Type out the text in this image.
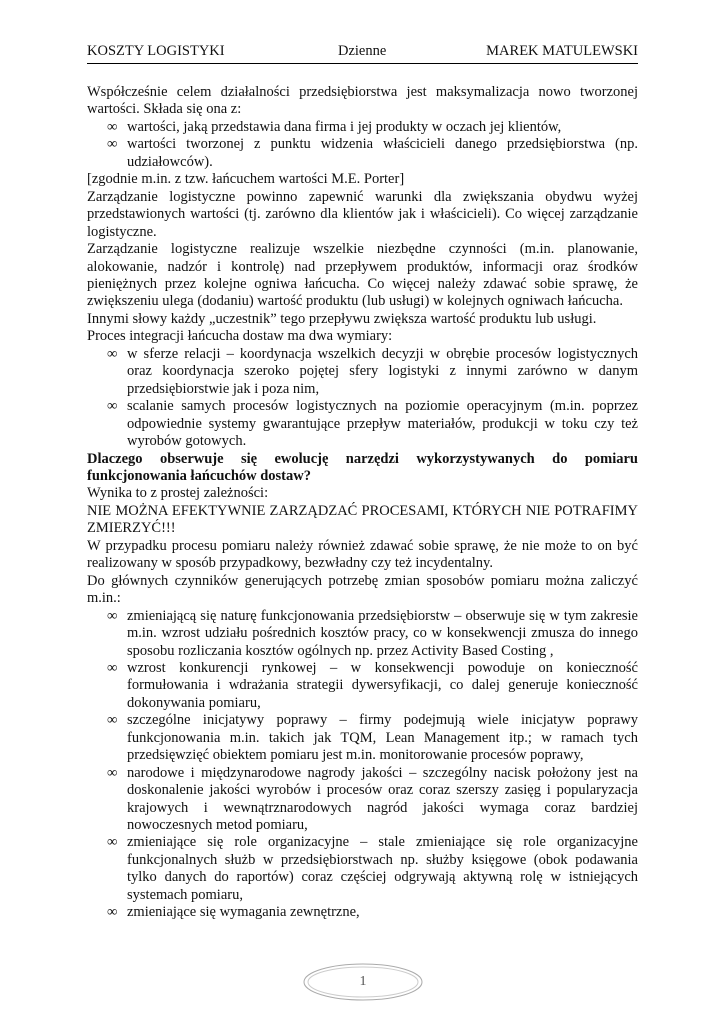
KOSZTY LOGISTYKI	Dzienne	MAREK MATULEWSKI

Współcześnie celem działalności przedsiębiorstwa jest maksymalizacja nowo tworzonej wartości. Składa się ona z:

∞ wartości, jaką przedstawia dana firma i jej produkty w oczach jej klientów,
∞ wartości tworzonej z punktu widzenia właścicieli danego przedsiębiorstwa (np. udziałowców).

[zgodnie m.in. z tzw. łańcuchem wartości M.E. Porter]

Zarządzanie logistyczne powinno zapewnić warunki dla zwiększania obydwu wyżej przedstawionych wartości (tj. zarówno dla klientów jak i właścicieli). Co więcej zarządzanie logistyczne.

Zarządzanie logistyczne realizuje wszelkie niezbędne czynności (m.in. planowanie, alokowanie, nadzór i kontrolę) nad przepływem produktów, informacji oraz środków pieniężnych przez kolejne ogniwa łańcucha. Co więcej należy zdawać sobie sprawę, że zwiększeniu ulega (dodaniu) wartość produktu (lub usługi) w kolejnych ogniwach łańcucha.

Innymi słowy każdy „uczestnik” tego przepływu zwiększa wartość produktu lub usługi.

Proces integracji łańcucha dostaw ma dwa wymiary:

∞ w sferze relacji – koordynacja wszelkich decyzji w obrębie procesów logistycznych oraz koordynacja szeroko pojętej sfery logistyki z innymi zarówno w danym przedsiębiorstwie jak i poza nim,
∞ scalanie samych procesów logistycznych na poziomie operacyjnym (m.in. poprzez odpowiednie systemy gwarantujące przepływ materiałów, produkcji w toku czy też wyrobów gotowych.

Dlaczego obserwuje się ewolucję narzędzi wykorzystywanych do pomiaru funkcjonowania łańcuchów dostaw?

Wynika to z prostej zależności:

NIE MOŻNA EFEKTYWNIE ZARZĄDZAĆ PROCESAMI, KTÓRYCH NIE POTRAFIMY ZMIERZYĆ!!!

W przypadku procesu pomiaru należy również zdawać sobie sprawę, że nie może to on być realizowany w sposób przypadkowy, bezwładny czy też incydentalny.

Do głównych czynników generujących potrzebę zmian sposobów pomiaru można zaliczyć m.in.:

∞ zmieniającą się naturę funkcjonowania przedsiębiorstw – obserwuje się w tym zakresie m.in. wzrost udziału pośrednich kosztów pracy, co w konsekwencji zmusza do innego sposobu rozliczania kosztów ogólnych np. przez Activity Based Costing ,
∞ wzrost konkurencji rynkowej – w konsekwencji powoduje on konieczność formułowania i wdrażania strategii dywersyfikacji, co dalej generuje konieczność dokonywania pomiaru,
∞ szczególne inicjatywy poprawy – firmy podejmują wiele inicjatyw poprawy funkcjonowania m.in. takich jak TQM, Lean Management itp.; w ramach tych przedsięwzięć obiektem pomiaru jest m.in. monitorowanie procesów poprawy,
∞ narodowe i międzynarodowe nagrody jakości – szczególny nacisk położony jest na doskonalenie jakości wyrobów i procesów oraz coraz szerszy zasięg i popularyzacja krajowych i wewnątrznarodowych nagród jakości wymaga coraz bardziej nowoczesnych metod pomiaru,
∞ zmieniające się role organizacyjne – stale zmieniające się role organizacyjne funkcjonalnych służb w przedsiębiorstwach np. służby księgowe (obok podawania tylko danych do raportów) coraz częściej odgrywają aktywną rolę w istniejących systemach pomiaru,
∞ zmieniające się wymagania zewnętrzne,
1
